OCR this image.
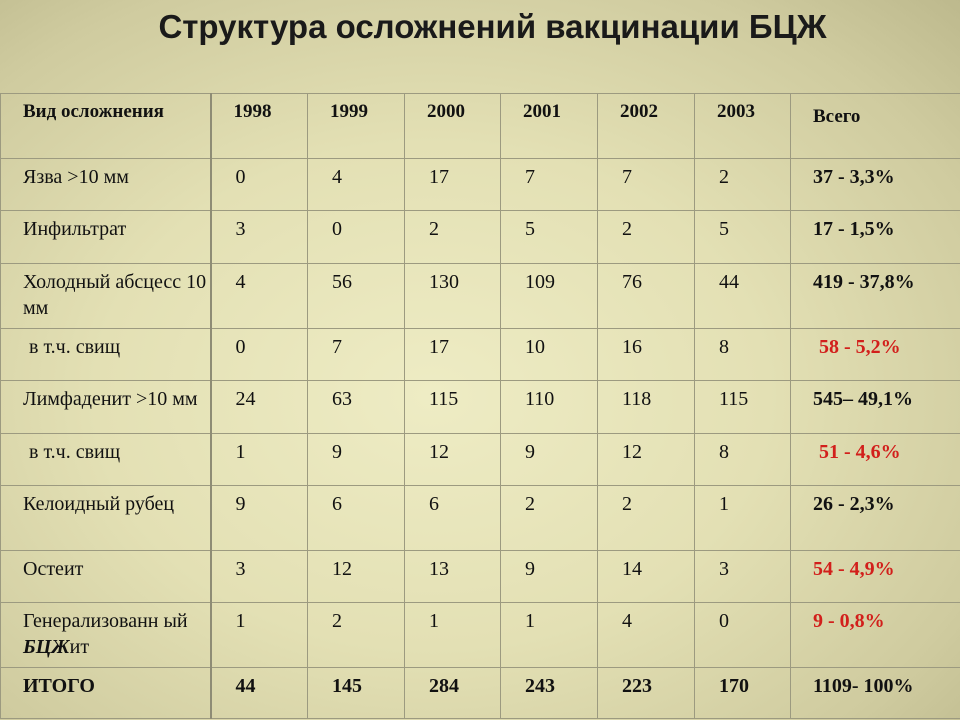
Структура осложнений вакцинации БЦЖ
Вид осложнения	1998	1999	2000	2001	2002	2003	Всего
Язва >10 мм	0	4	17	7	7	2	37 - 3,3%
Инфильтрат	3	0	2	5	2	5	17 - 1,5%
Холодный абсцесс 10 мм	4	56	130	109	76	44	419 - 37,8%
в т.ч. свищ	0	7	17	10	16	8	58 - 5,2%
Лимфаденит >10 мм	24	63	115	110	118	115	545– 49,1%
в т.ч. свищ	1	9	12	9	12	8	51 - 4,6%
Келоидный рубец	9	6	6	2	2	1	26 - 2,3%
Остеит	3	12	13	9	14	3	54 - 4,9%
Генерализованн ый БЦЖит	1	2	1	1	4	0	9 - 0,8%
ИТОГО	44	145	284	243	223	170	1109- 100%
